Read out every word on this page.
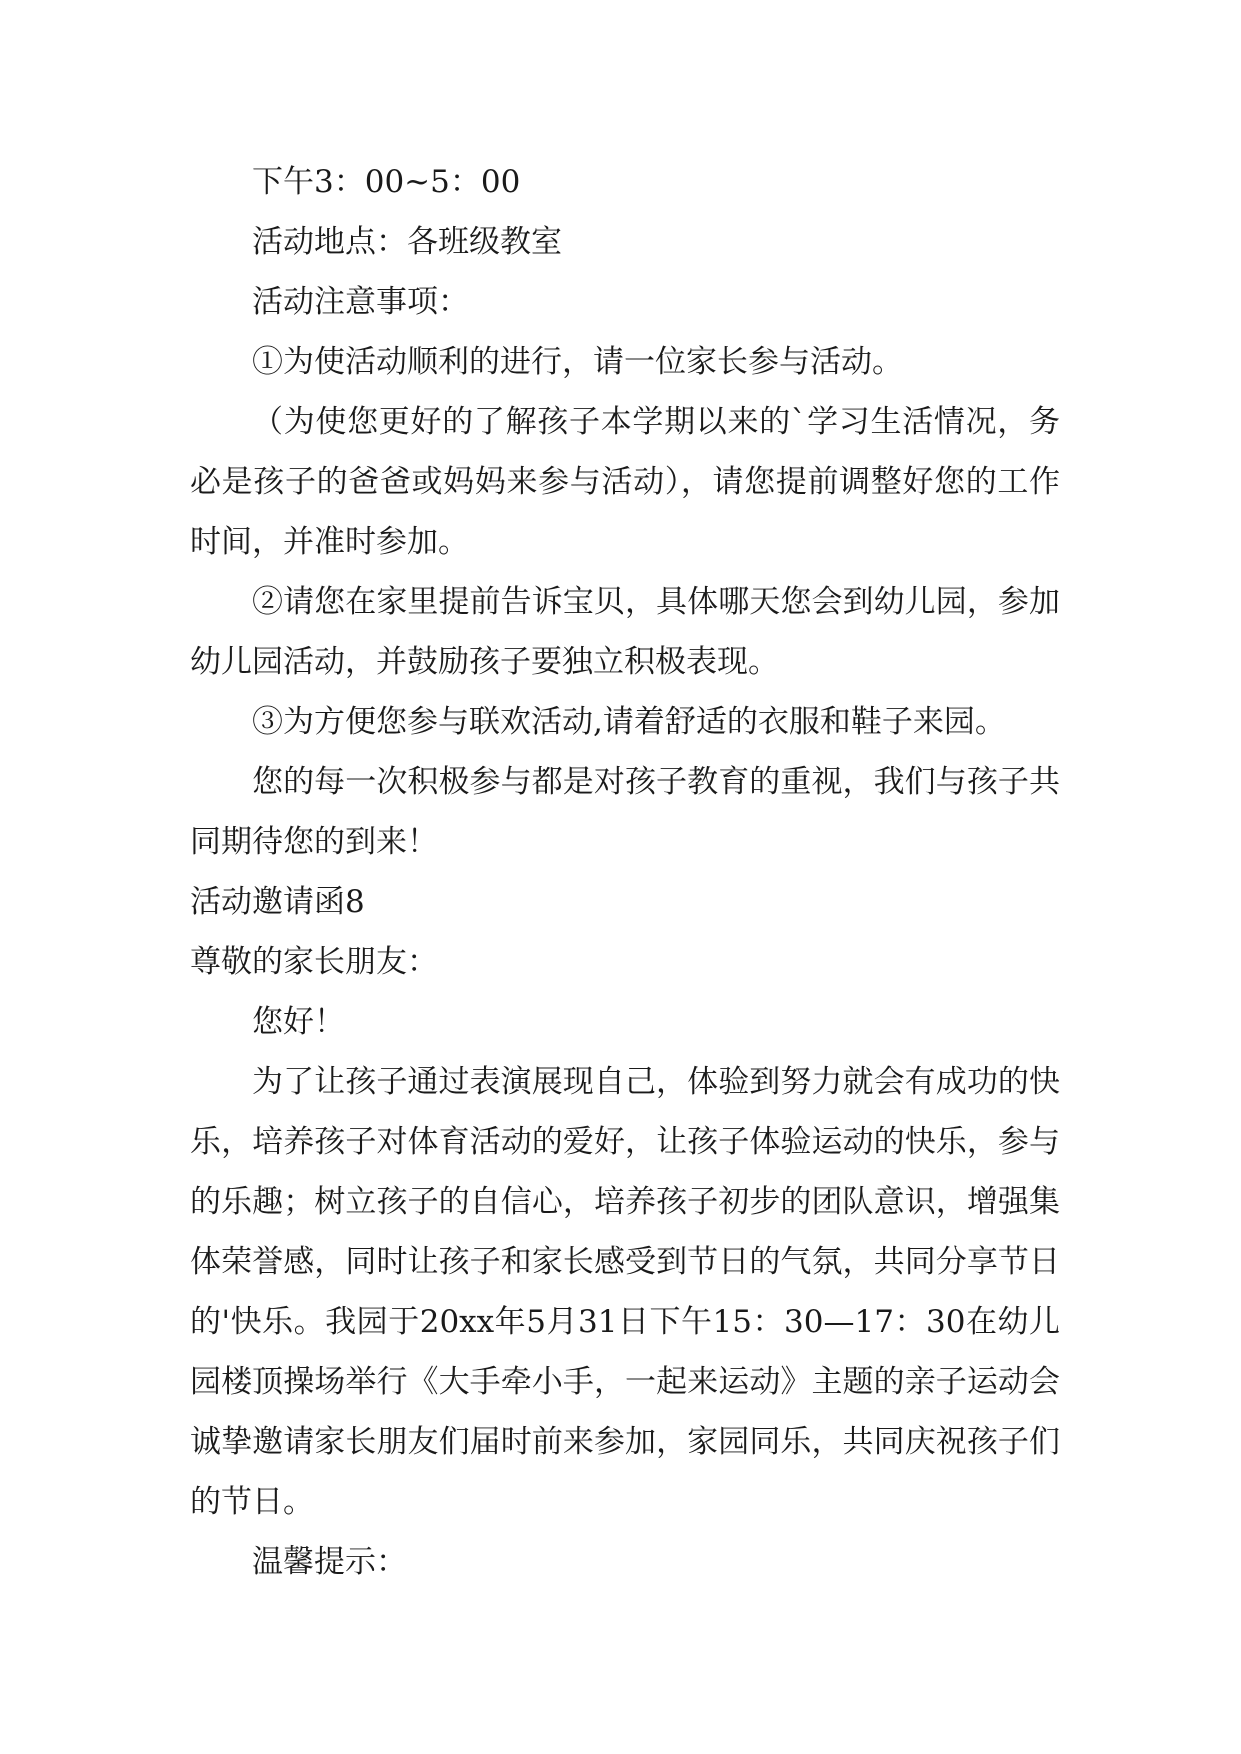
下午3：00~5：00

活动地点：各班级教室

活动注意事项：

①为使活动顺利的进行，请一位家长参与活动。

（为使您更好的了解孩子本学期以来的`学习生活情况，务必是孩子的爸爸或妈妈来参与活动），请您提前调整好您的工作时间，并准时参加。

②请您在家里提前告诉宝贝，具体哪天您会到幼儿园，参加幼儿园活动，并鼓励孩子要独立积极表现。

③为方便您参与联欢活动,请着舒适的衣服和鞋子来园。

您的每一次积极参与都是对孩子教育的重视，我们与孩子共同期待您的到来！

活动邀请函8

尊敬的家长朋友：

您好！

为了让孩子通过表演展现自己，体验到努力就会有成功的快乐，培养孩子对体育活动的爱好，让孩子体验运动的快乐，参与的乐趣；树立孩子的自信心，培养孩子初步的团队意识，增强集体荣誉感，同时让孩子和家长感受到节日的气氛，共同分享节日的'快乐。我园于20xx年5月31日下午15：30—17：30在幼儿园楼顶操场举行《大手牵小手，一起来运动》主题的亲子运动会诚挚邀请家长朋友们届时前来参加，家园同乐，共同庆祝孩子们的节日。

温馨提示：
